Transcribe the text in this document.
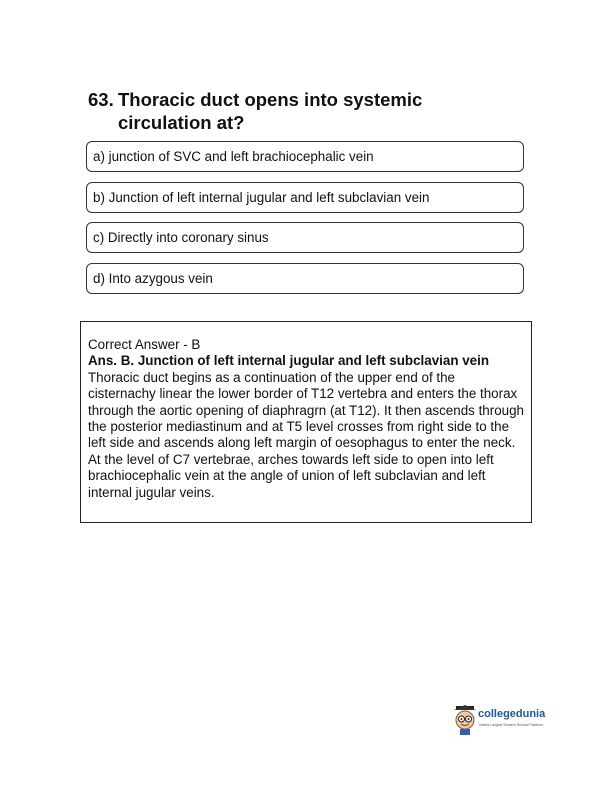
63. Thoracic duct opens into systemic circulation at?
a) junction of SVC and left brachiocephalic vein
b) Junction of left internal jugular and left subclavian vein
c) Directly into coronary sinus
d) Into azygous vein
Correct Answer - B
Ans. B. Junction of left internal jugular and left subclavian vein
Thoracic duct begins as a continuation of the upper end of the cisternachy linear the lower border of T12 vertebra and enters the thorax through the aortic opening of diaphragrn (at T12). It then ascends through the posterior mediastinum and at T5 level crosses from right side to the left side and ascends along left margin of oesophagus to enter the neck. At the level of C7 vertebrae, arches towards left side to open into left brachiocephalic vein at the angle of union of left subclavian and left internal jugular veins.
collegedunia
India's Largest Student Review Platform
